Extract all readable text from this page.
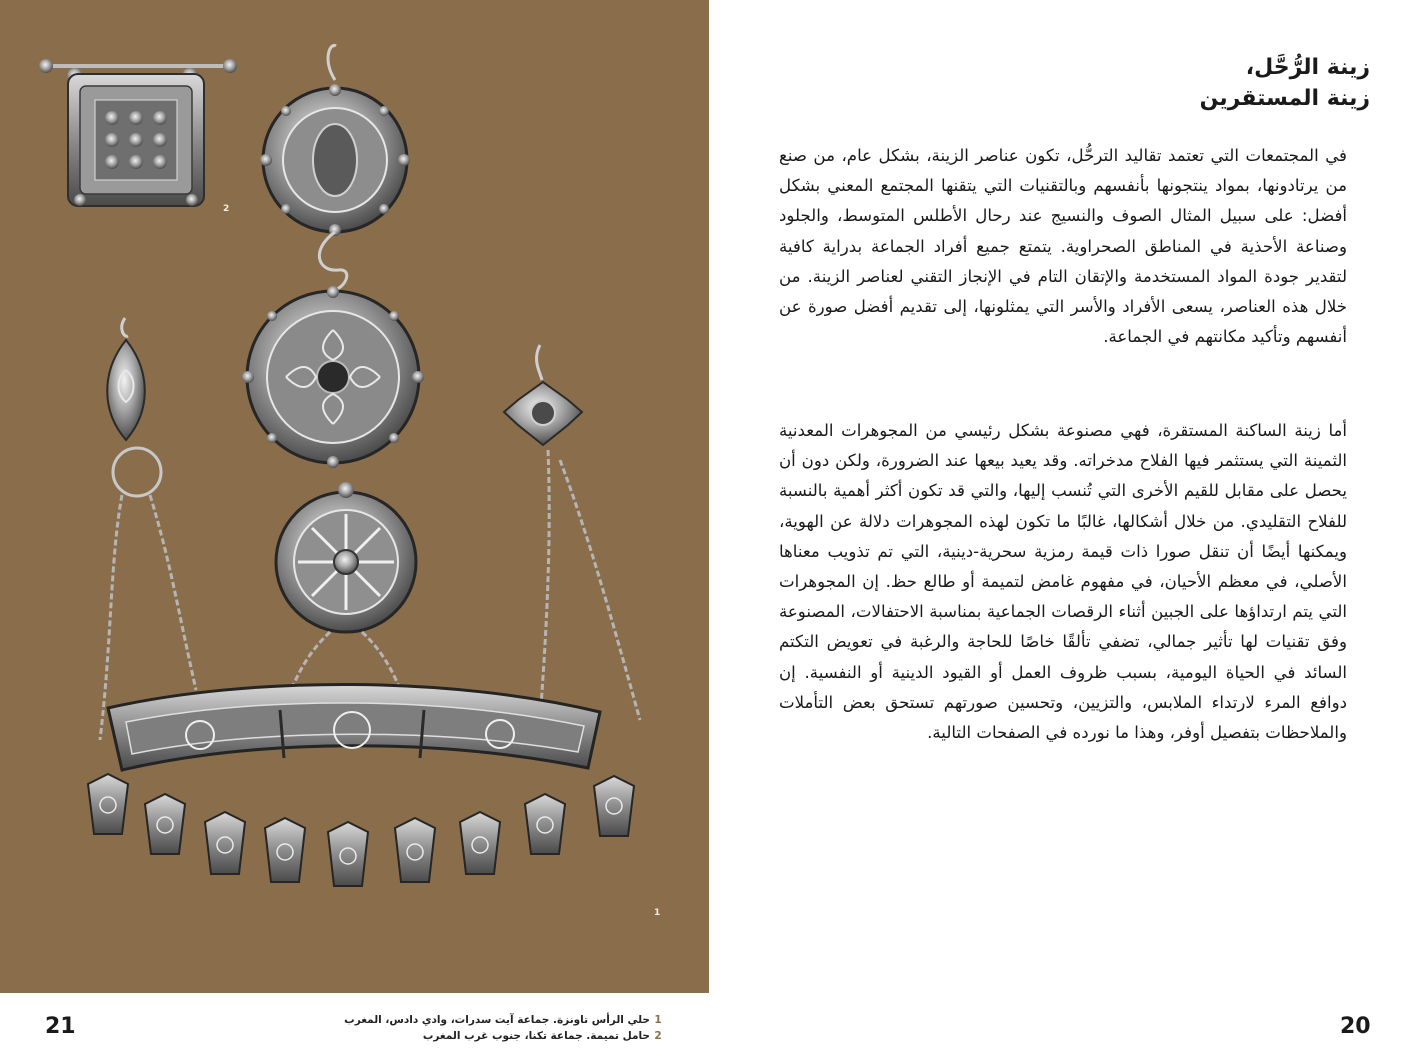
2
1
زينة الرُّحَّل،
زينة المستقرين

في المجتمعات التي تعتمد تقاليد الترحُّل، تكون عناصر الزينة، بشكل عام، من صنع من يرتادونها، بمواد ينتجونها بأنفسهم وبالتقنيات التي يتقنها المجتمع المعني بشكل أفضل: على سبيل المثال الصوف والنسيج عند رحال الأطلس المتوسط، والجلود وصناعة الأحذية في المناطق الصحراوية. يتمتع جميع أفراد الجماعة بدراية كافية لتقدير جودة المواد المستخدمة والإتقان التام في الإنجاز التقني لعناصر الزينة. من خلال هذه العناصر، يسعى الأفراد والأسر التي يمثلونها، إلى تقديم أفضل صورة عن أنفسهم وتأكيد مكانتهم في الجماعة.

أما زينة الساكنة المستقرة، فهي مصنوعة بشكل رئيسي من المجوهرات المعدنية الثمينة التي يستثمر فيها الفلاح مدخراته. وقد يعيد بيعها عند الضرورة، ولكن دون أن يحصل على مقابل للقيم الأخرى التي تُنسب إليها، والتي قد تكون أكثر أهمية بالنسبة للفلاح التقليدي. من خلال أشكالها، غالبًا ما تكون لهذه المجوهرات دلالة عن الهوية، ويمكنها أيضًا أن تنقل صورا ذات قيمة رمزية سحرية-دينية، التي تم تذويب معناها الأصلي، في معظم الأحيان، في مفهوم غامض لتميمة أو طالع حظ. إن المجوهرات التي يتم ارتداؤها على الجبين أثناء الرقصات الجماعية بمناسبة الاحتفالات، المصنوعة وفق تقنيات لها تأثير جمالي، تضفي تألقًا خاصًا للحاجة والرغبة في تعويض التكتم السائد في الحياة اليومية، بسبب ظروف العمل أو القيود الدينية أو النفسية. إن دوافع المرء لارتداء الملابس، والتزيين، وتحسين صورتهم تستحق بعض التأملات والملاحظات بتفصيل أوفر، وهذا ما نورده في الصفحات التالية.

21	20
1
حلي الرأس تاونزة. جماعة آيت سدرات، وادي دادس، المغرب
2
حامل تميمة. جماعة تكنا، جنوب غرب المغرب
